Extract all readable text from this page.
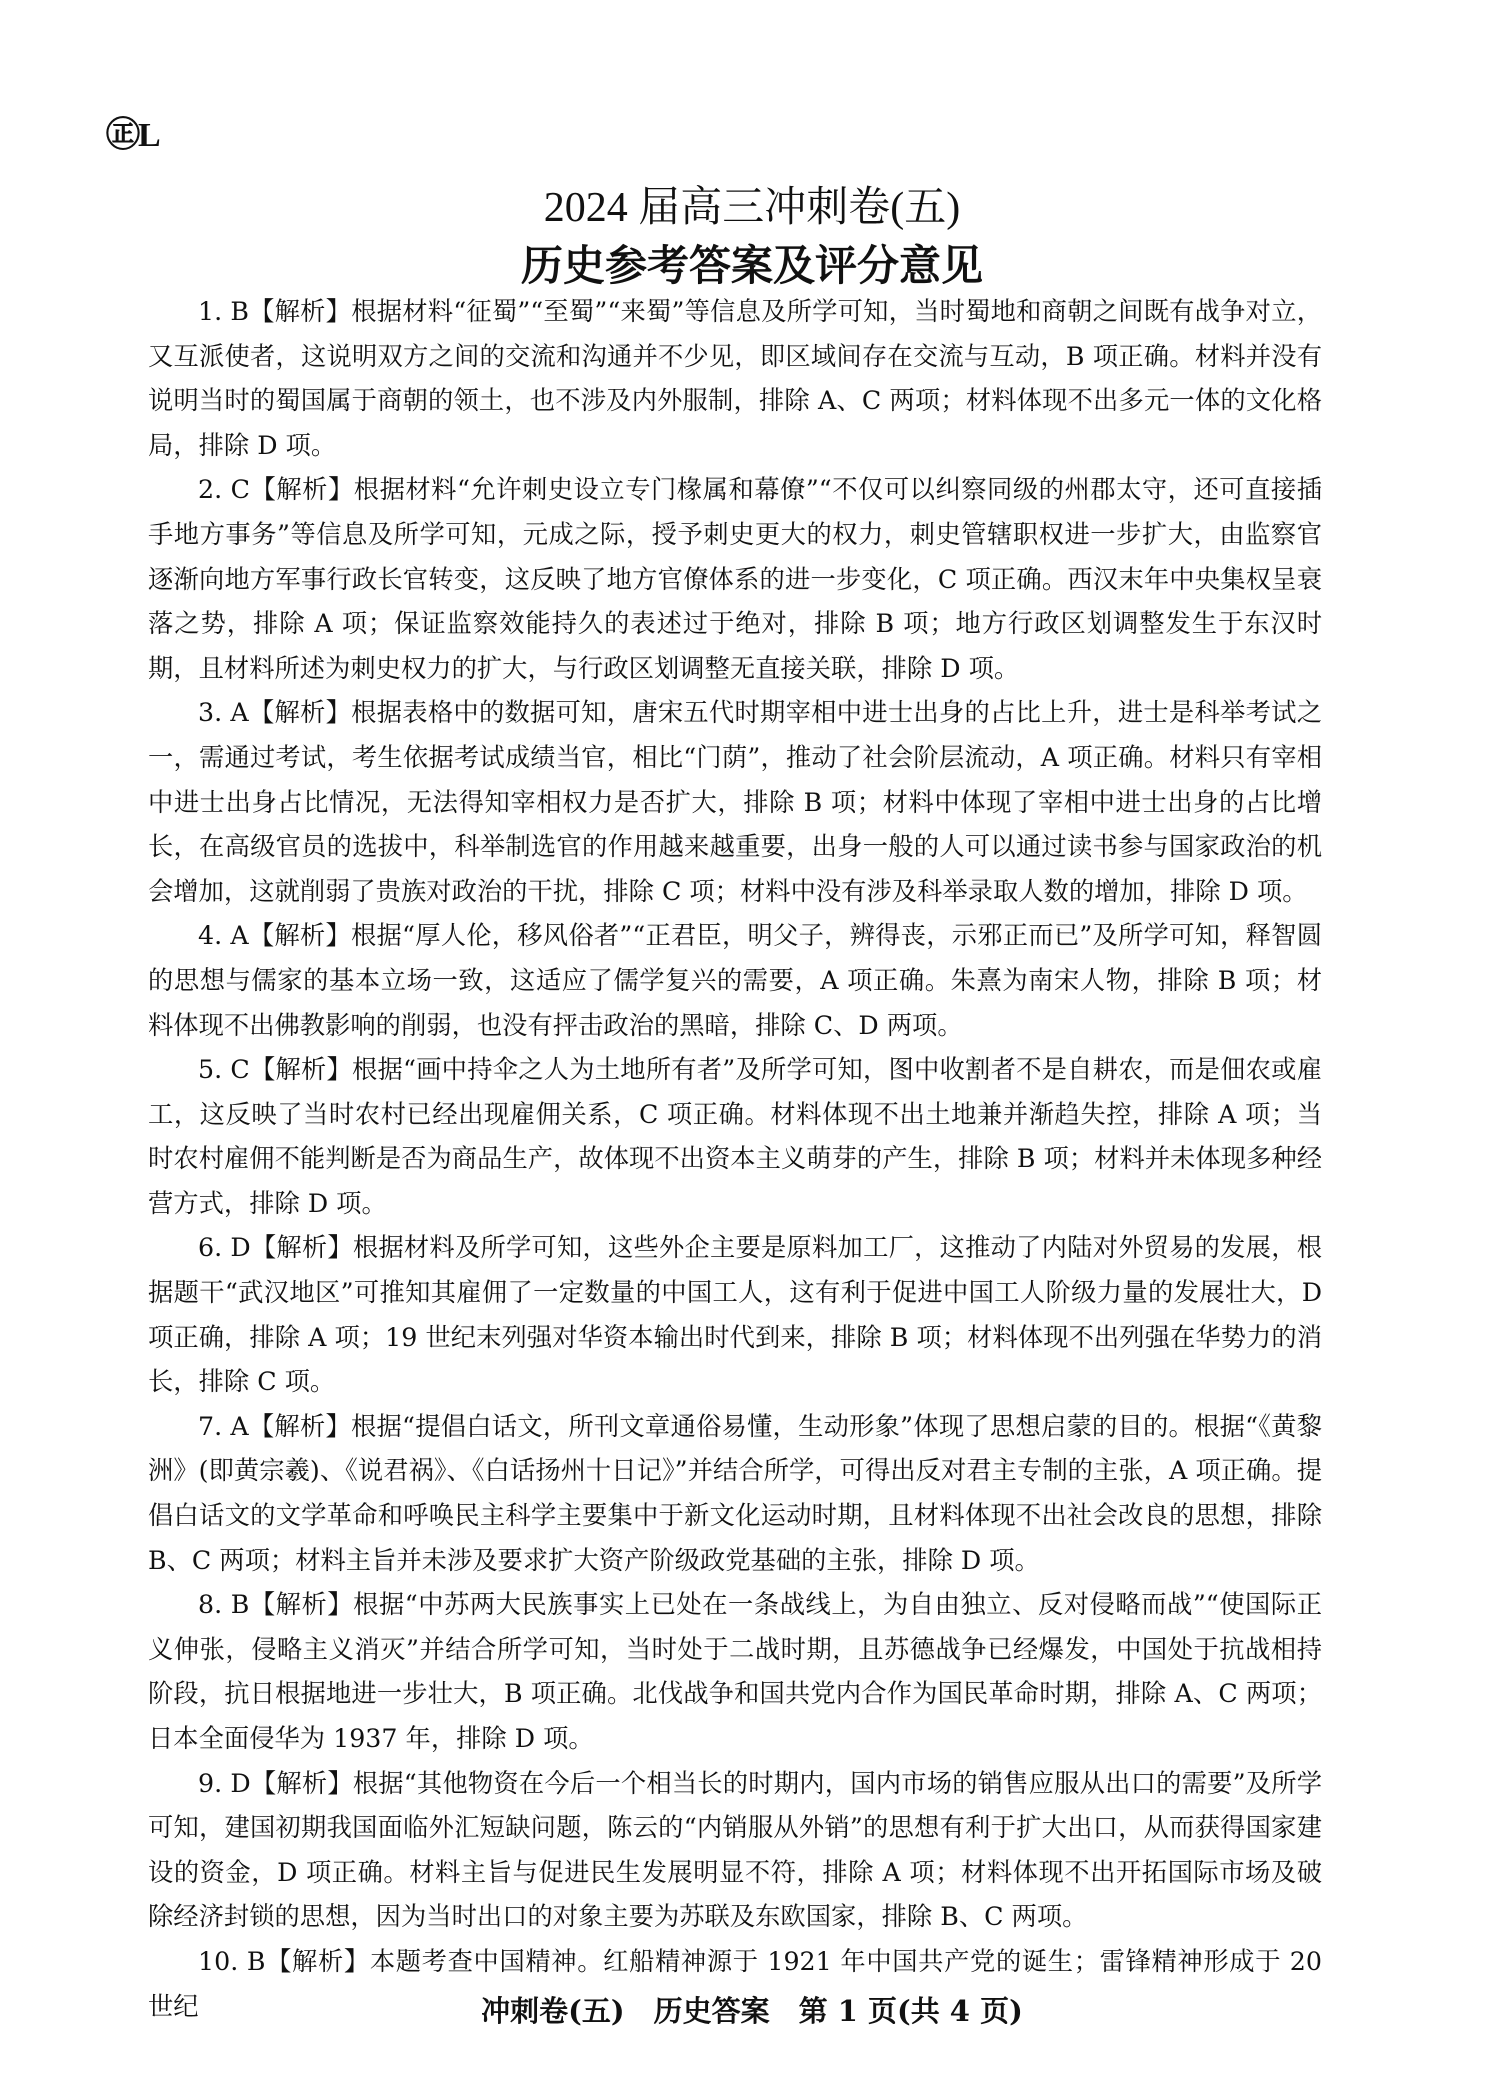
㊣L
2024 届高三冲刺卷(五)
历史参考答案及评分意见

1. B【解析】根据材料“征蜀”“至蜀”“来蜀”等信息及所学可知，当时蜀地和商朝之间既有战争对立，又互派使者，这说明双方之间的交流和沟通并不少见，即区域间存在交流与互动，B 项正确。材料并没有说明当时的蜀国属于商朝的领土，也不涉及内外服制，排除 A、C 两项；材料体现不出多元一体的文化格局，排除 D 项。

2. C【解析】根据材料“允许刺史设立专门椽属和幕僚”“不仅可以纠察同级的州郡太守，还可直接插手地方事务”等信息及所学可知，元成之际，授予刺史更大的权力，刺史管辖职权进一步扩大，由监察官逐渐向地方军事行政长官转变，这反映了地方官僚体系的进一步变化，C 项正确。西汉末年中央集权呈衰落之势，排除 A 项；保证监察效能持久的表述过于绝对，排除 B 项；地方行政区划调整发生于东汉时期，且材料所述为刺史权力的扩大，与行政区划调整无直接关联，排除 D 项。

3. A【解析】根据表格中的数据可知，唐宋五代时期宰相中进士出身的占比上升，进士是科举考试之一，需通过考试，考生依据考试成绩当官，相比“门荫”，推动了社会阶层流动，A 项正确。材料只有宰相中进士出身占比情况，无法得知宰相权力是否扩大，排除 B 项；材料中体现了宰相中进士出身的占比增长，在高级官员的选拔中，科举制选官的作用越来越重要，出身一般的人可以通过读书参与国家政治的机会增加，这就削弱了贵族对政治的干扰，排除 C 项；材料中没有涉及科举录取人数的增加，排除 D 项。

4. A【解析】根据“厚人伦，移风俗者”“正君臣，明父子，辨得丧，示邪正而已”及所学可知，释智圆的思想与儒家的基本立场一致，这适应了儒学复兴的需要，A 项正确。朱熹为南宋人物，排除 B 项；材料体现不出佛教影响的削弱，也没有抨击政治的黑暗，排除 C、D 两项。

5. C【解析】根据“画中持伞之人为土地所有者”及所学可知，图中收割者不是自耕农，而是佃农或雇工，这反映了当时农村已经出现雇佣关系，C 项正确。材料体现不出土地兼并渐趋失控，排除 A 项；当时农村雇佣不能判断是否为商品生产，故体现不出资本主义萌芽的产生，排除 B 项；材料并未体现多种经营方式，排除 D 项。

6. D【解析】根据材料及所学可知，这些外企主要是原料加工厂，这推动了内陆对外贸易的发展，根据题干“武汉地区”可推知其雇佣了一定数量的中国工人，这有利于促进中国工人阶级力量的发展壮大，D 项正确，排除 A 项；19 世纪末列强对华资本输出时代到来，排除 B 项；材料体现不出列强在华势力的消长，排除 C 项。

7. A【解析】根据“提倡白话文，所刊文章通俗易懂，生动形象”体现了思想启蒙的目的。根据“《黄黎洲》(即黄宗羲)、《说君祸》、《白话扬州十日记》”并结合所学，可得出反对君主专制的主张，A 项正确。提倡白话文的文学革命和呼唤民主科学主要集中于新文化运动时期，且材料体现不出社会改良的思想，排除 B、C 两项；材料主旨并未涉及要求扩大资产阶级政党基础的主张，排除 D 项。

8. B【解析】根据“中苏两大民族事实上已处在一条战线上，为自由独立、反对侵略而战”“使国际正义伸张，侵略主义消灭”并结合所学可知，当时处于二战时期，且苏德战争已经爆发，中国处于抗战相持阶段，抗日根据地进一步壮大，B 项正确。北伐战争和国共党内合作为国民革命时期，排除 A、C 两项；日本全面侵华为 1937 年，排除 D 项。

9. D【解析】根据“其他物资在今后一个相当长的时期内，国内市场的销售应服从出口的需要”及所学可知，建国初期我国面临外汇短缺问题，陈云的“内销服从外销”的思想有利于扩大出口，从而获得国家建设的资金，D 项正确。材料主旨与促进民生发展明显不符，排除 A 项；材料体现不出开拓国际市场及破除经济封锁的思想，因为当时出口的对象主要为苏联及东欧国家，排除 B、C 两项。

10. B【解析】本题考查中国精神。红船精神源于 1921 年中国共产党的诞生；雷锋精神形成于 20 世纪	冲刺卷(五)　历史答案　第 1 页(共 4 页)
